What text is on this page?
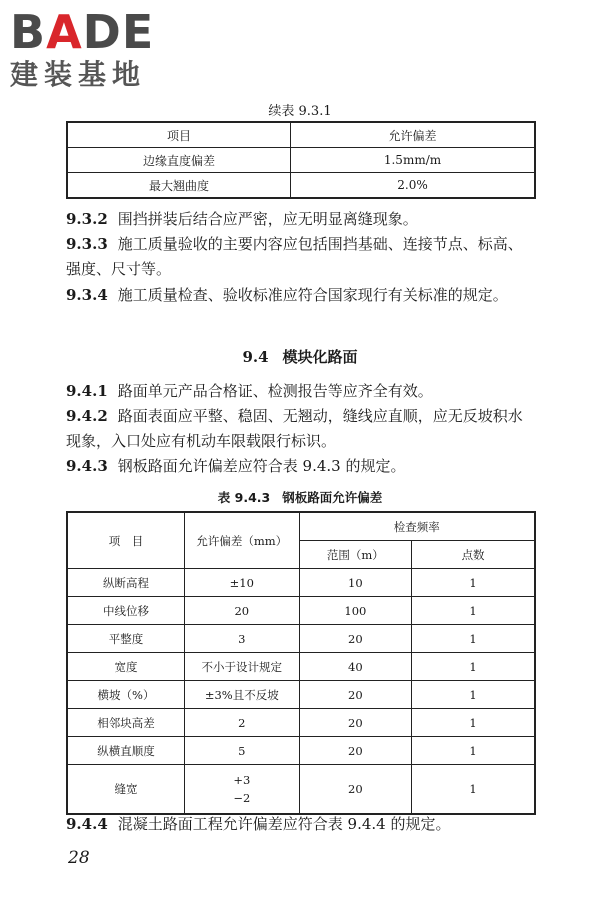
BADE
建装基地
续表 9.3.1
项目	允许偏差
边缘直度偏差	1.5mm/m
最大翘曲度	2.0%
9.3.2 围挡拼装后结合应严密，应无明显离缝现象。
9.3.3 施工质量验收的主要内容应包括围挡基础、连接节点、标高、强度、尺寸等。
9.3.4 施工质量检查、验收标准应符合国家现行有关标准的规定。
9.4 模块化路面
9.4.1 路面单元产品合格证、检测报告等应齐全有效。
9.4.2 路面表面应平整、稳固、无翘动，缝线应直顺，应无反坡积水现象，入口处应有机动车限载限行标识。
9.4.3 钢板路面允许偏差应符合表 9.4.3 的规定。
表 9.4.3 钢板路面允许偏差
项　目	允许偏差（mm）	检查频率	
		范围（m）	点数
纵断高程	±10	10	1
中线位移	20	100	1
平整度	3	20	1
宽度	不小于设计规定	40	1
横坡（%）	±3%且不反坡	20	1
相邻块高差	2	20	1
纵横直顺度	5	20	1
缝宽	+3
−2	20	1
9.4.4 混凝土路面工程允许偏差应符合表 9.4.4 的规定。
28
